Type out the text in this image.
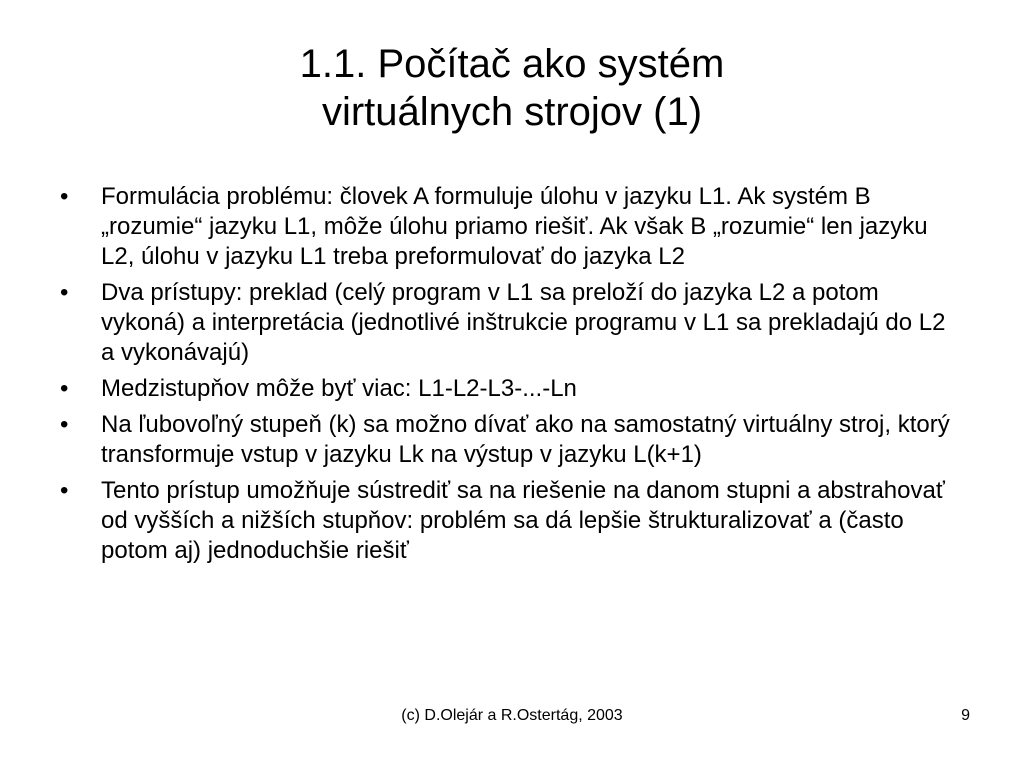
1.1. Počítač ako systém
virtuálnych strojov (1)
•	Formulácia problému: človek A formuluje úlohu v jazyku L1. Ak systém B „rozumie“ jazyku L1, môže úlohu priamo riešiť. Ak však B „rozumie“ len jazyku L2, úlohu v jazyku L1 treba preformulovať do jazyka L2
•	Dva prístupy: preklad (celý program v L1 sa preloží do jazyka L2 a potom vykoná) a interpretácia (jednotlivé inštrukcie programu v L1 sa prekladajú do L2 a vykonávajú)
•	Medzistupňov môže byť viac: L1-L2-L3-...-Ln
•	Na ľubovoľný stupeň (k) sa možno dívať ako na samostatný virtuálny stroj, ktorý transformuje vstup v jazyku Lk na výstup v jazyku L(k+1)
•	Tento prístup umožňuje sústrediť sa na riešenie na danom stupni a abstrahovať od vyšších a nižších stupňov: problém sa dá lepšie štrukturalizovať a (často potom aj) jednoduchšie riešiť
(c) D.Olejár a R.Ostertág, 2003	9
